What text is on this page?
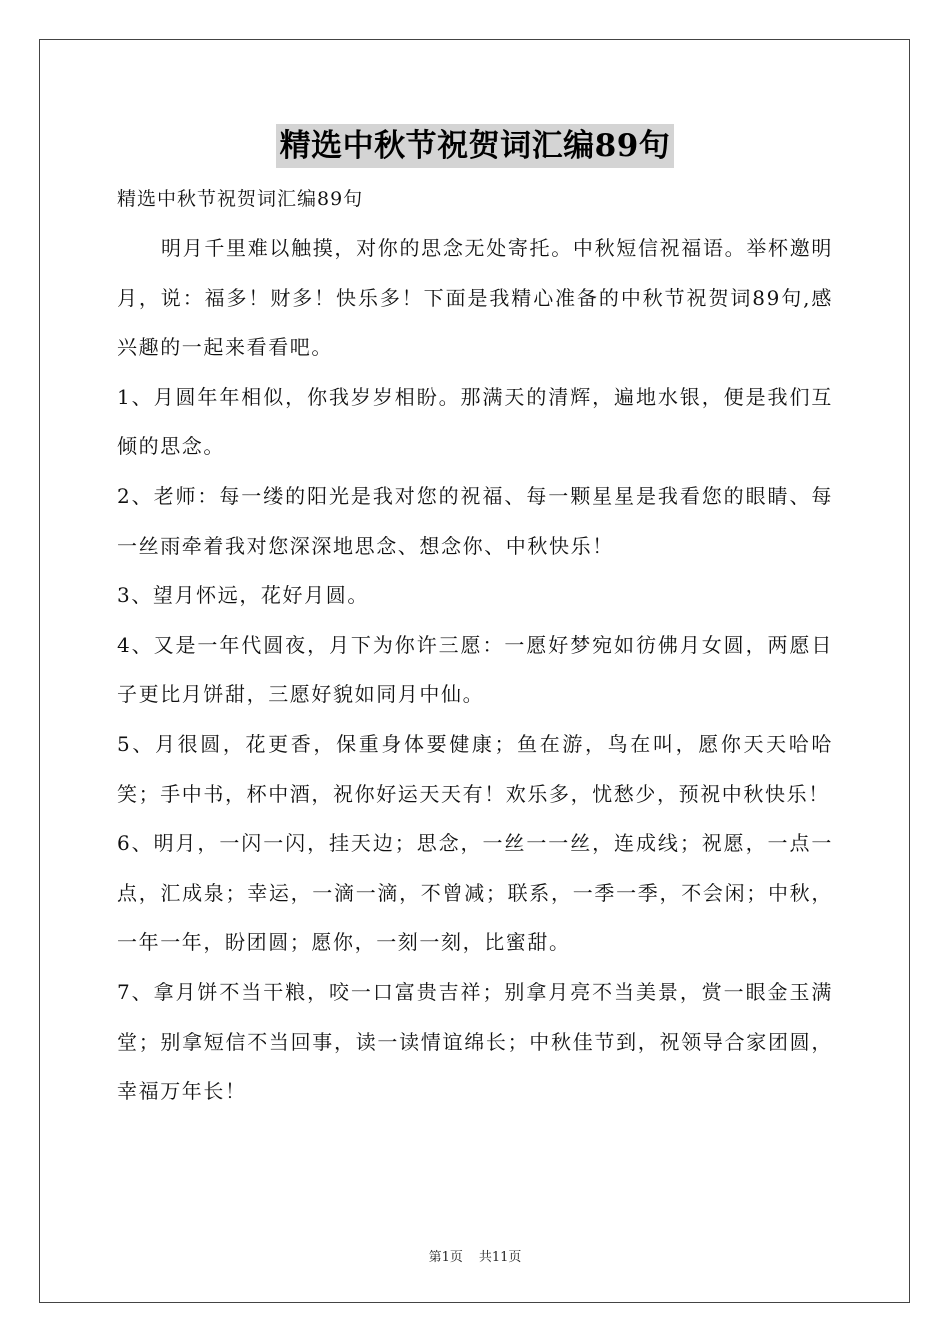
精选中秋节祝贺词汇编89句

精选中秋节祝贺词汇编89句

明月千里难以触摸，对你的思念无处寄托。中秋短信祝福语。举杯邀明月，说：福多！财多！快乐多！下面是我精心准备的中秋节祝贺词89句,感兴趣的一起来看看吧。

1、月圆年年相似，你我岁岁相盼。那满天的清辉，遍地水银，便是我们互倾的思念。

2、老师：每一缕的阳光是我对您的祝福、每一颗星星是我看您的眼睛、每一丝雨牵着我对您深深地思念、想念你、中秋快乐！

3、望月怀远，花好月圆。

4、又是一年代圆夜，月下为你许三愿：一愿好梦宛如彷佛月女圆，两愿日子更比月饼甜，三愿好貌如同月中仙。

5、月很圆，花更香，保重身体要健康；鱼在游，鸟在叫，愿你天天哈哈笑；手中书，杯中酒，祝你好运天天有！欢乐多，忧愁少，预祝中秋快乐！

6、明月，一闪一闪，挂天边；思念，一丝一一丝，连成线；祝愿，一点一点，汇成泉；幸运，一滴一滴，不曾减；联系，一季一季，不会闲；中秋，一年一年，盼团圆；愿你，一刻一刻，比蜜甜。

7、拿月饼不当干粮，咬一口富贵吉祥；别拿月亮不当美景，赏一眼金玉满堂；别拿短信不当回事，读一读情谊绵长；中秋佳节到，祝领导合家团圆，幸福万年长！

第1页 共11页
